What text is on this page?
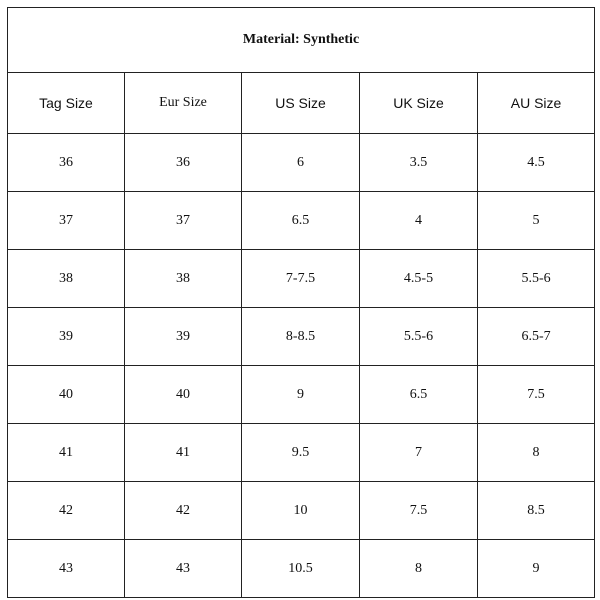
Material: Synthetic				
Tag Size	Eur Size	US Size	UK Size	AU Size
36	36	6	3.5	4.5
37	37	6.5	4	5
38	38	7-7.5	4.5-5	5.5-6
39	39	8-8.5	5.5-6	6.5-7
40	40	9	6.5	7.5
41	41	9.5	7	8
42	42	10	7.5	8.5
43	43	10.5	8	9
